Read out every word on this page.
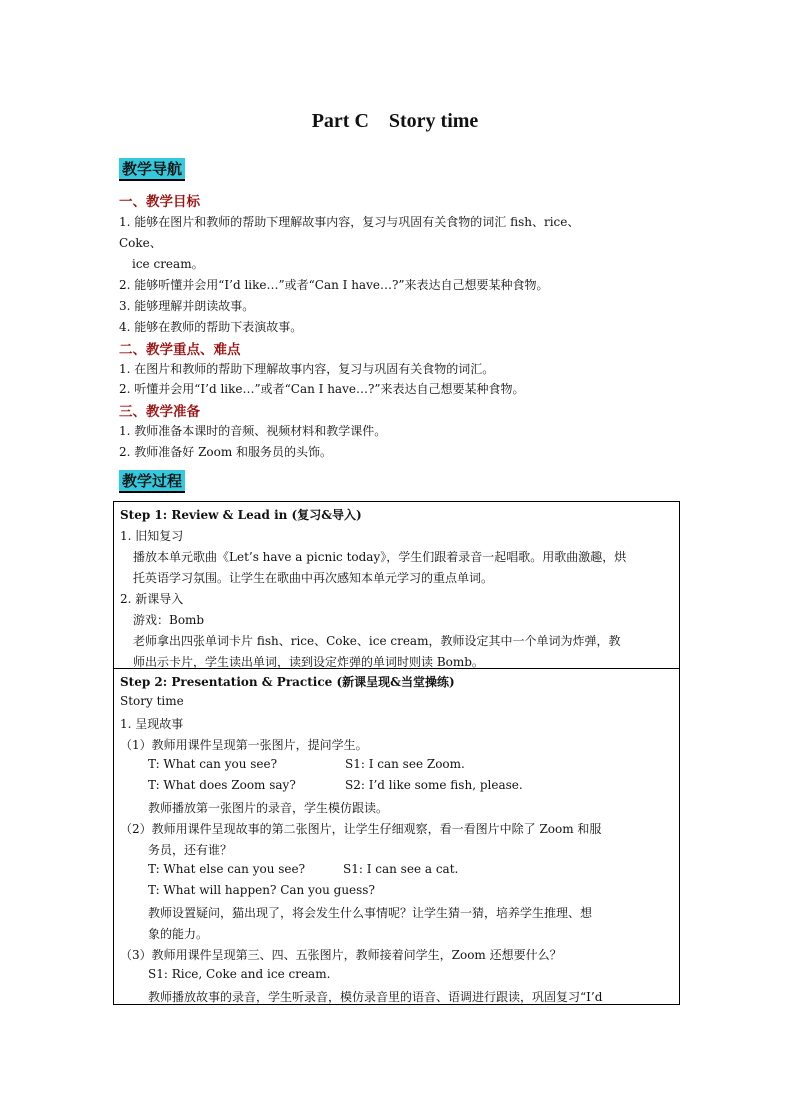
Part C　Story time
教学导航
一、教学目标
1. 能够在图片和教师的帮助下理解故事内容，复习与巩固有关食物的词汇 fish、rice、
Coke、
ice cream。
2. 能够听懂并会用“I’d like…”或者“Can I have…?”来表达自己想要某种食物。
3. 能够理解并朗读故事。
4. 能够在教师的帮助下表演故事。
二、教学重点、难点
1. 在图片和教师的帮助下理解故事内容，复习与巩固有关食物的词汇。
2. 听懂并会用“I’d like…”或者“Can I have…?”来表达自己想要某种食物。
三、教学准备
1. 教师准备本课时的音频、视频材料和教学课件。
2. 教师准备好 Zoom 和服务员的头饰。
教学过程
Step 1: Review & Lead in (复习&导入)
1. 旧知复习
播放本单元歌曲《Let’s have a picnic today》，学生们跟着录音一起唱歌。用歌曲激趣，烘
托英语学习氛围。让学生在歌曲中再次感知本单元学习的重点单词。
2. 新课导入
游戏：Bomb
老师拿出四张单词卡片 fish、rice、Coke、ice cream，教师设定其中一个单词为炸弹，教
师出示卡片，学生读出单词，读到设定炸弹的单词时则读 Bomb。
Step 2: Presentation & Practice (新课呈现&当堂操练)
Story time
1. 呈现故事
（1）教师用课件呈现第一张图片，提问学生。
T: What can you see?	S1: I can see Zoom.
T: What does Zoom say?	S2: I’d like some fish, please.
教师播放第一张图片的录音，学生模仿跟读。
（2）教师用课件呈现故事的第二张图片，让学生仔细观察，看一看图片中除了 Zoom 和服
务员，还有谁？
T: What else can you see?	S1: I can see a cat.
T: What will happen? Can you guess?
教师设置疑问，猫出现了，将会发生什么事情呢？让学生猜一猜，培养学生推理、想
象的能力。
（3）教师用课件呈现第三、四、五张图片，教师接着问学生，Zoom 还想要什么？
S1: Rice, Coke and ice cream.
教师播放故事的录音，学生听录音，模仿录音里的语音、语调进行跟读，巩固复习“I’d
